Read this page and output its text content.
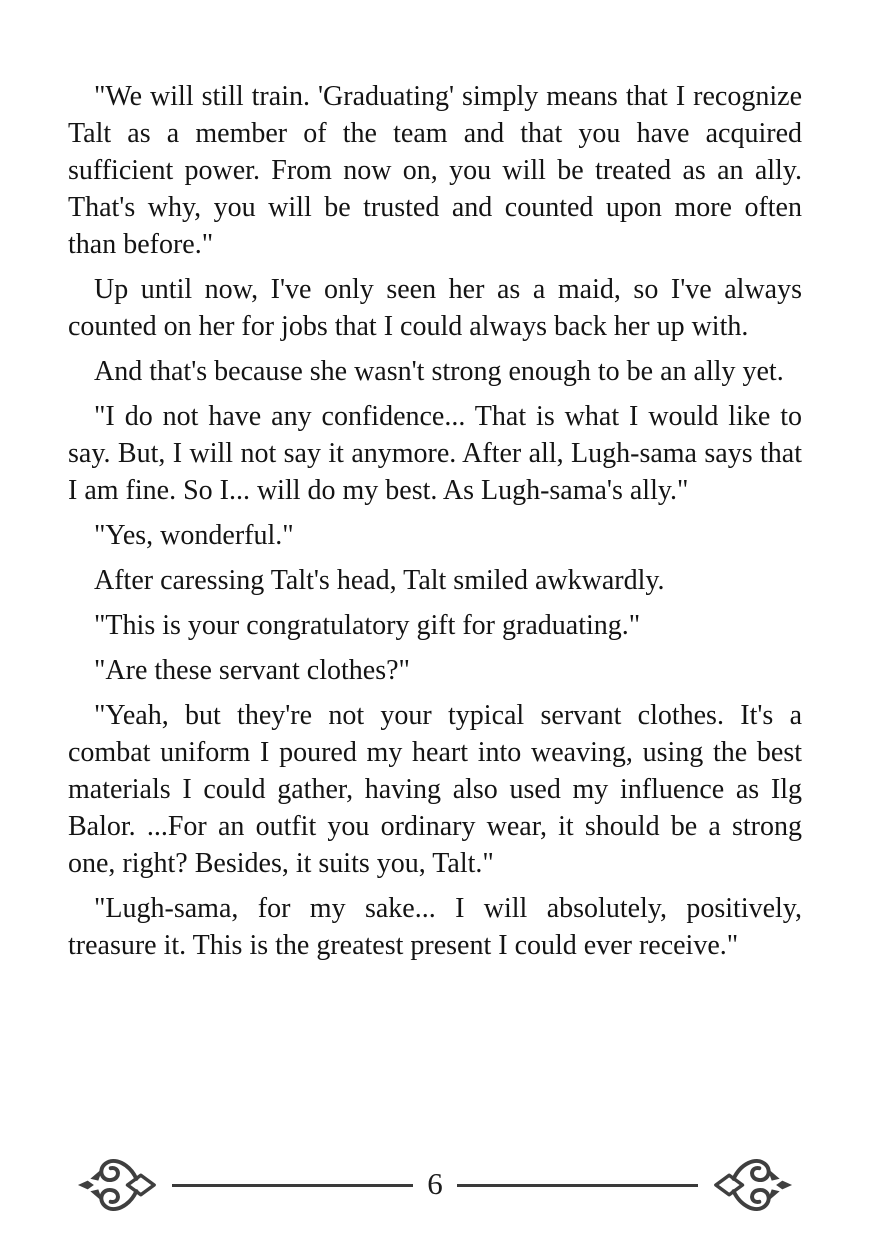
"We will still train. 'Graduating' simply means that I recognize Talt as a member of the team and that you have acquired sufficient power. From now on, you will be treated as an ally. That's why, you will be trusted and counted upon more often than before."

Up until now, I've only seen her as a maid, so I've always counted on her for jobs that I could always back her up with.

And that's because she wasn't strong enough to be an ally yet.

"I do not have any confidence... That is what I would like to say. But, I will not say it anymore. After all, Lugh-sama says that I am fine. So I... will do my best. As Lugh-sama's ally."

"Yes, wonderful."

After caressing Talt's head, Talt smiled awkwardly.

"This is your congratulatory gift for graduating."

"Are these servant clothes?"

"Yeah, but they're not your typical servant clothes. It's a combat uniform I poured my heart into weaving, using the best materials I could gather, having also used my influence as Ilg Balor. ...For an outfit you ordinary wear, it should be a strong one, right? Besides, it suits you, Talt."

"Lugh-sama, for my sake... I will absolutely, positively, treasure it. This is the greatest present I could ever receive."

6
